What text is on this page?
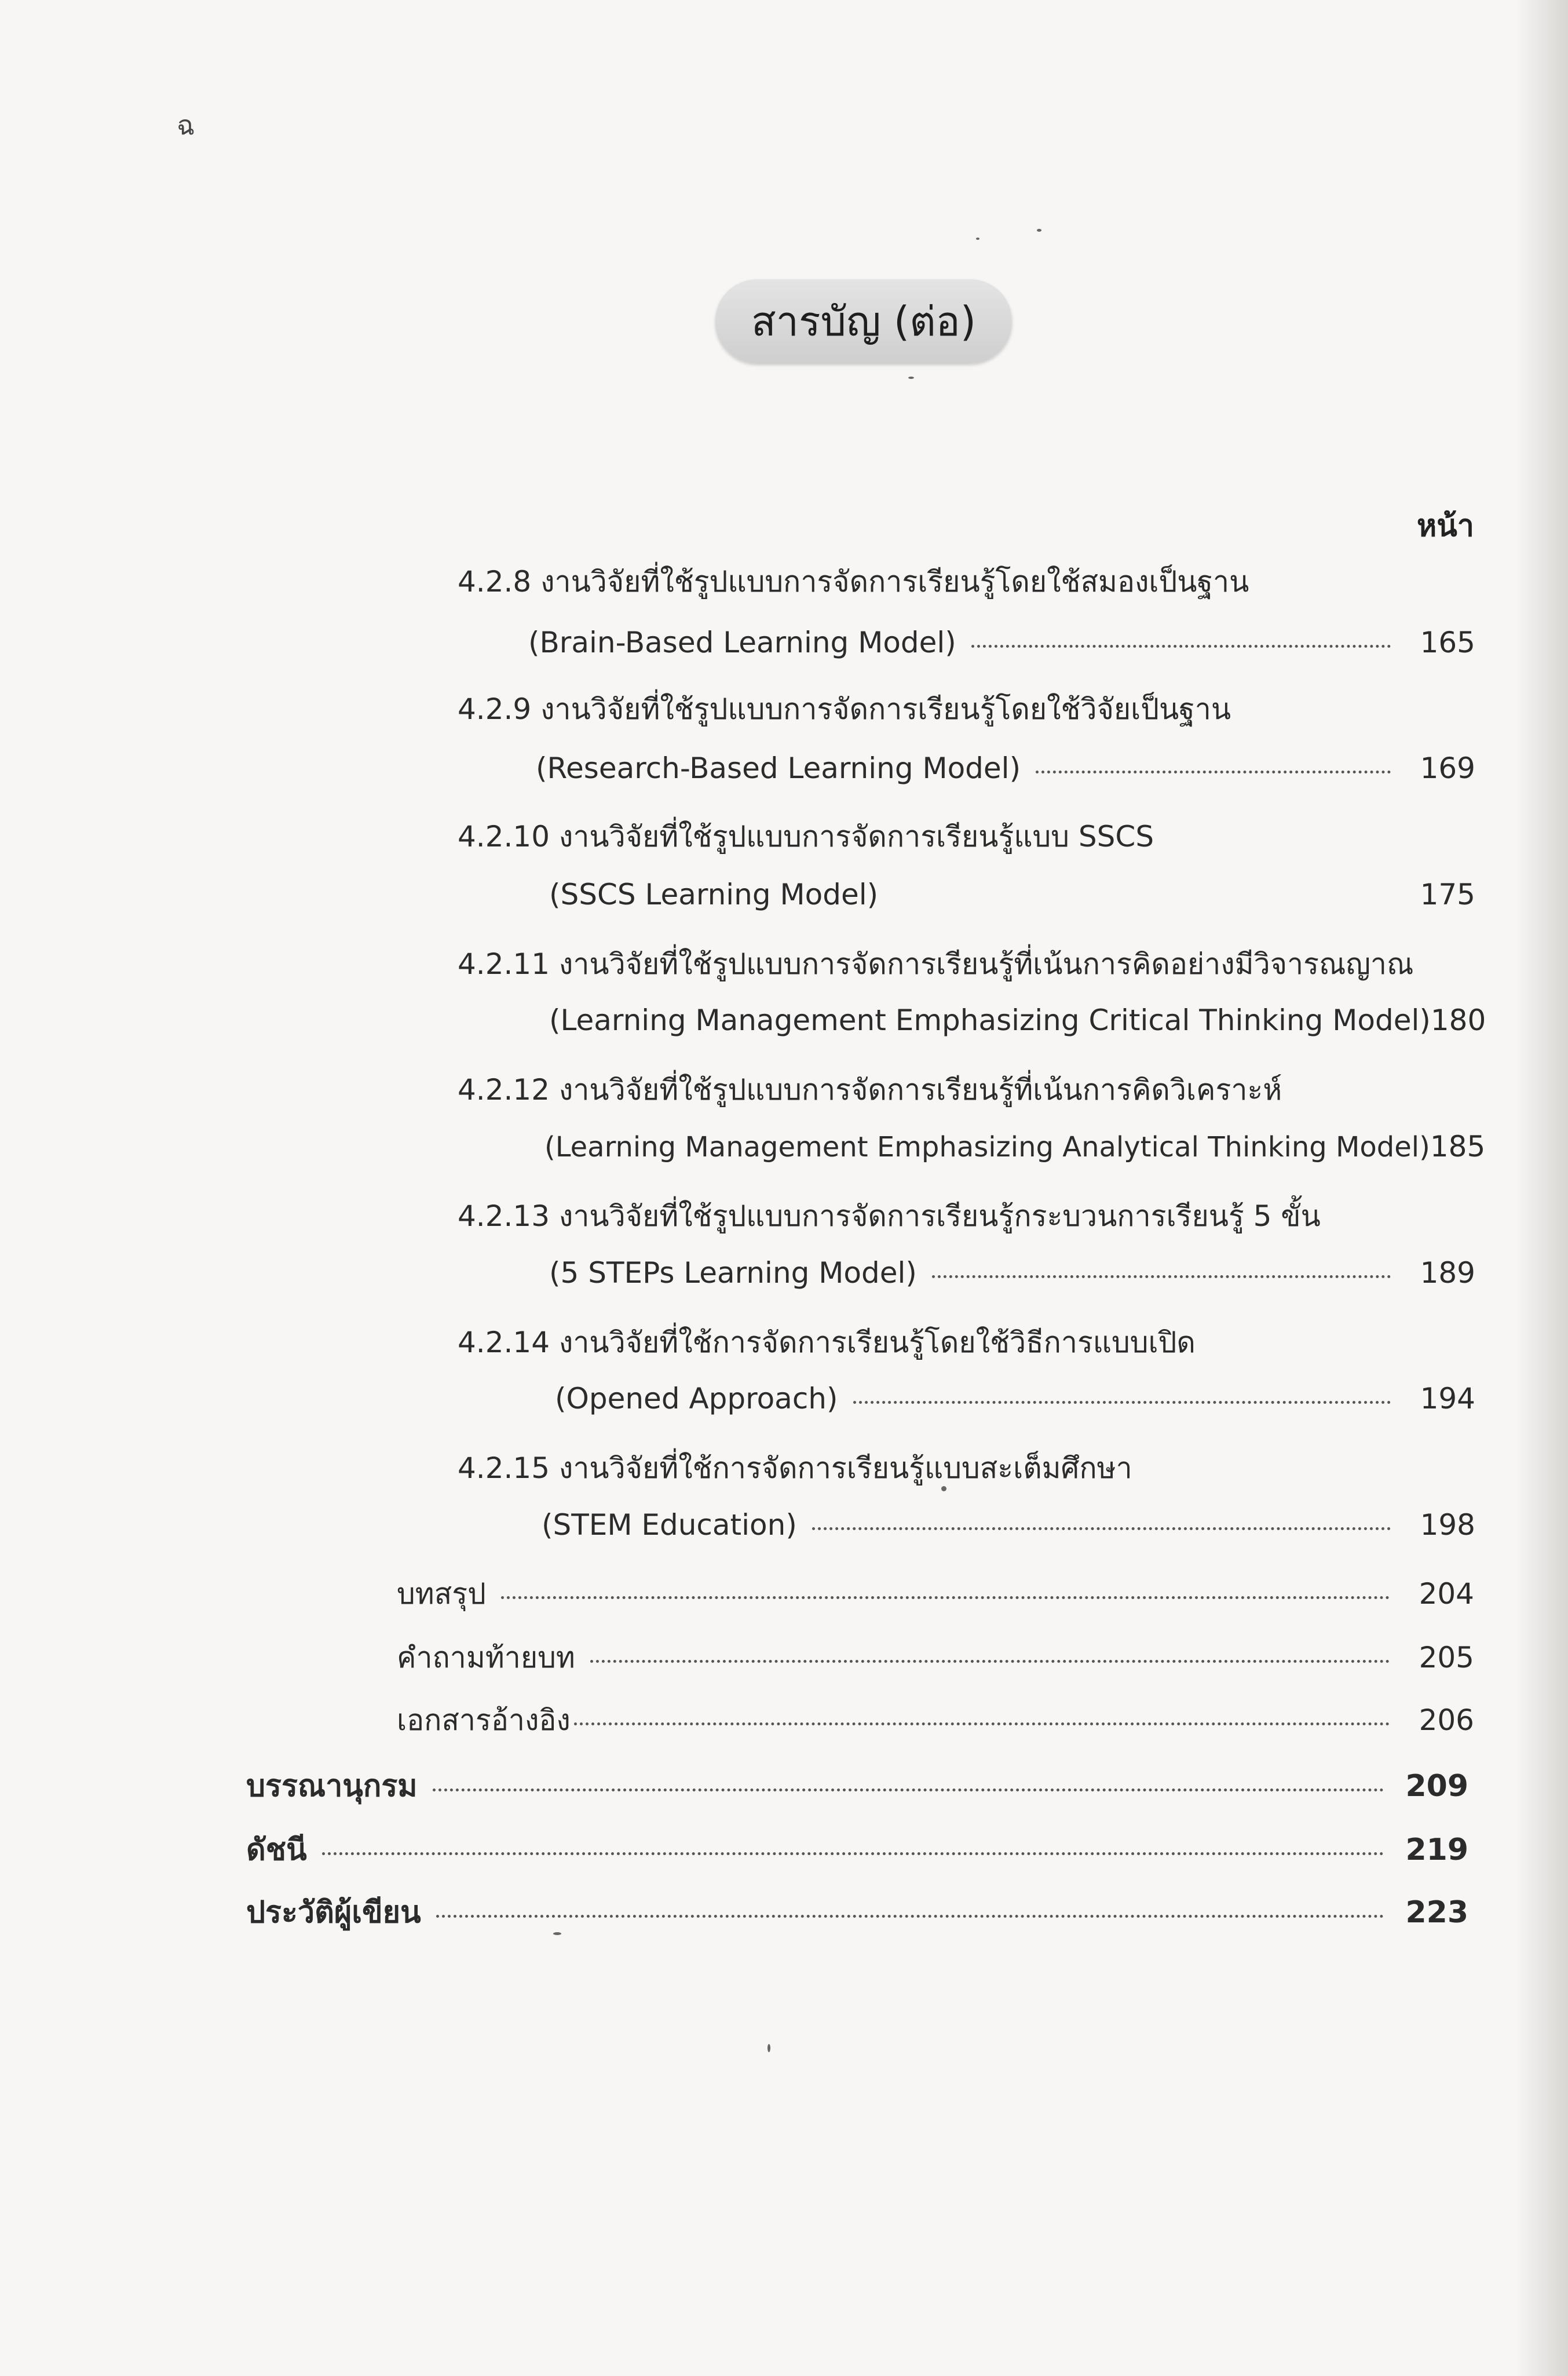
ฉ
สารบัญ (ต่อ)
หน้า
4.2.8 งานวิจัยที่ใช้รูปแบบการจัดการเรียนรู้โดยใช้สมองเป็นฐาน
(Brain-Based Learning Model)	165
4.2.9 งานวิจัยที่ใช้รูปแบบการจัดการเรียนรู้โดยใช้วิจัยเป็นฐาน
(Research-Based Learning Model)	169
4.2.10 งานวิจัยที่ใช้รูปแบบการจัดการเรียนรู้แบบ SSCS
(SSCS Learning Model)	175
4.2.11 งานวิจัยที่ใช้รูปแบบการจัดการเรียนรู้ที่เน้นการคิดอย่างมีวิจารณญาณ
(Learning Management Emphasizing Critical Thinking Model) 180
4.2.12 งานวิจัยที่ใช้รูปแบบการจัดการเรียนรู้ที่เน้นการคิดวิเคราะห์
(Learning Management Emphasizing Analytical Thinking Model) 185
4.2.13 งานวิจัยที่ใช้รูปแบบการจัดการเรียนรู้กระบวนการเรียนรู้ 5 ขั้น
(5 STEPs Learning Model)	189
4.2.14 งานวิจัยที่ใช้การจัดการเรียนรู้โดยใช้วิธีการแบบเปิด
(Opened Approach)	194
4.2.15 งานวิจัยที่ใช้การจัดการเรียนรู้แบบสะเต็มศึกษา
(STEM Education)	198
บทสรุป	204
คำถามท้ายบท	205
เอกสารอ้างอิง	206
บรรณานุกรม	209
ดัชนี	219
ประวัติผู้เขียน	223
